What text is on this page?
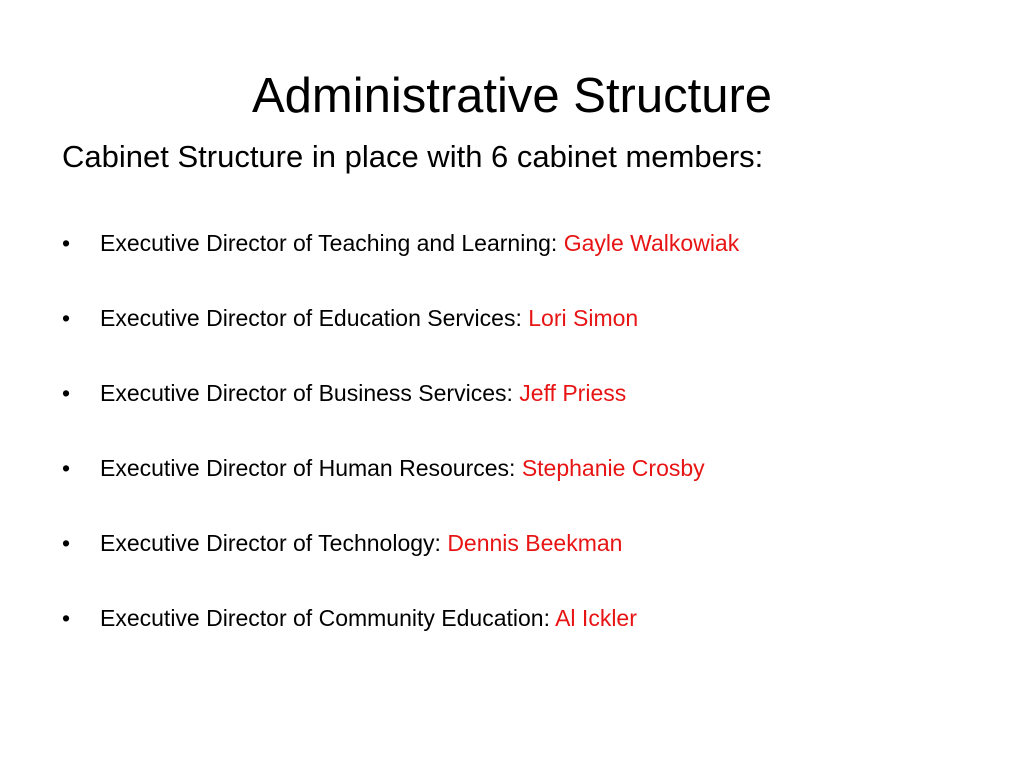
Administrative Structure

Cabinet Structure in place with 6 cabinet members:

•	Executive Director of Teaching and Learning: Gayle Walkowiak
•	Executive Director of Education Services: Lori Simon
•	Executive Director of Business Services: Jeff Priess
•	Executive Director of Human Resources: Stephanie Crosby
•	Executive Director of Technology: Dennis Beekman
•	Executive Director of Community Education: Al Ickler
